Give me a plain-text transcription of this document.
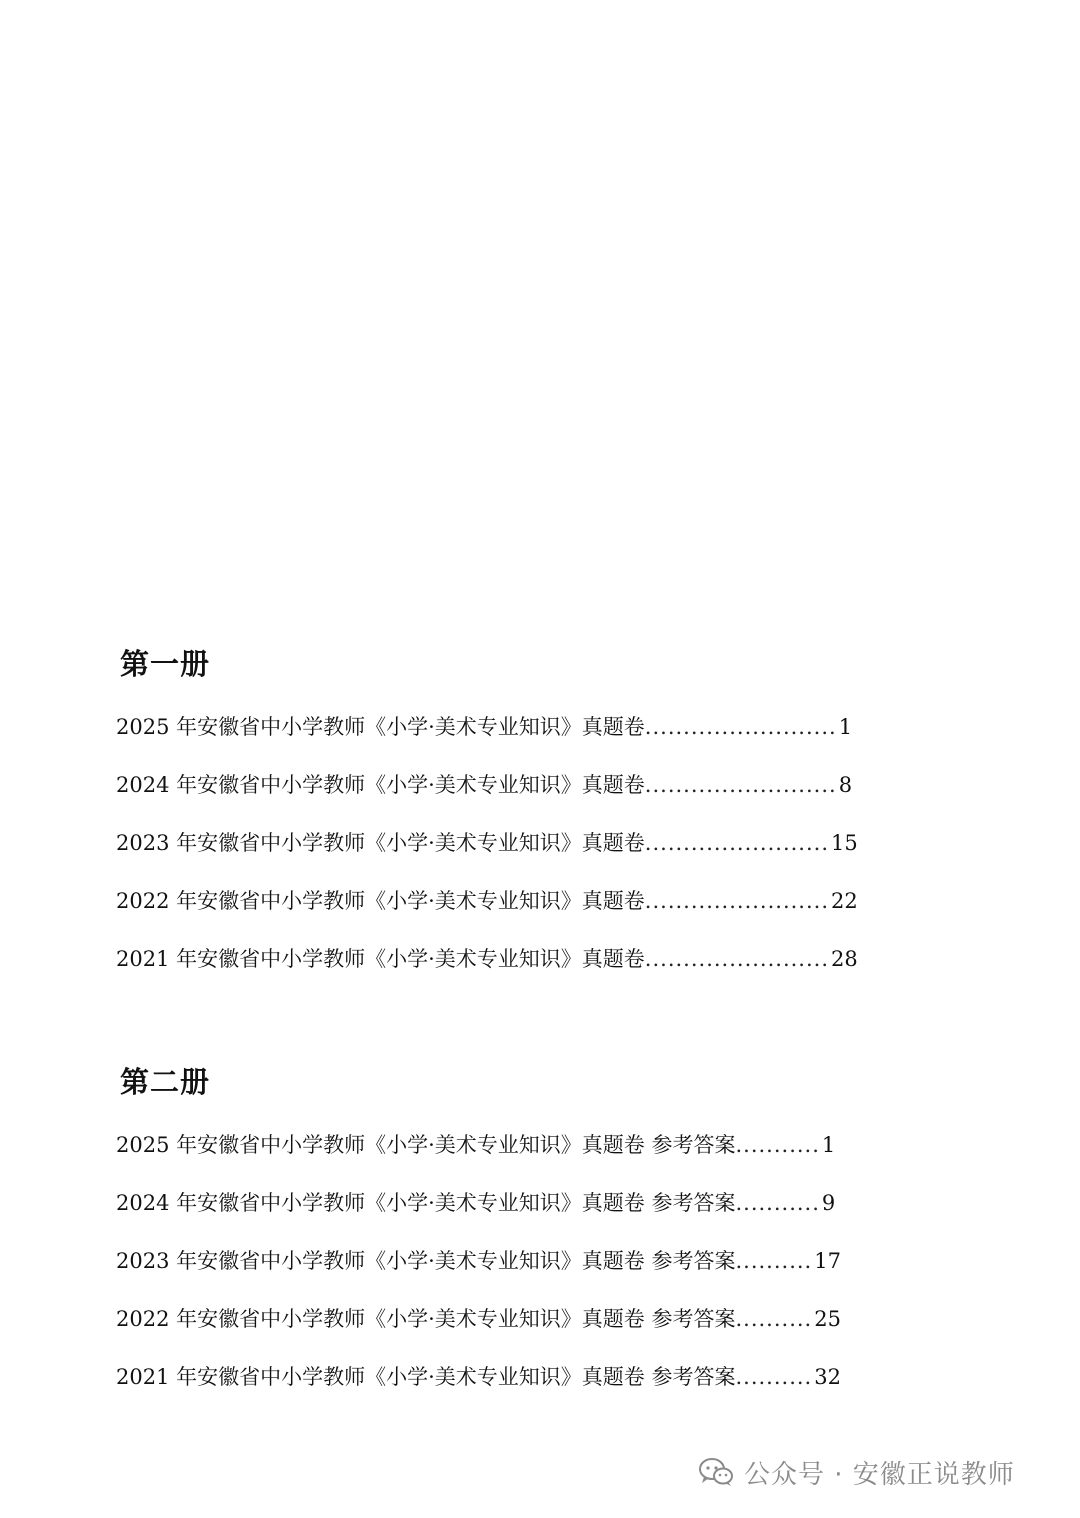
第一册
2025 年安徽省中小学教师《小学·美术专业知识》真题卷 ......................... 1
2024 年安徽省中小学教师《小学·美术专业知识》真题卷 ......................... 8
2023 年安徽省中小学教师《小学·美术专业知识》真题卷 ........................ 15
2022 年安徽省中小学教师《小学·美术专业知识》真题卷 ........................ 22
2021 年安徽省中小学教师《小学·美术专业知识》真题卷 ........................ 28
第二册
2025 年安徽省中小学教师《小学·美术专业知识》真题卷 参考答案 ........... 1
2024 年安徽省中小学教师《小学·美术专业知识》真题卷 参考答案 ........... 9
2023 年安徽省中小学教师《小学·美术专业知识》真题卷 参考答案 .......... 17
2022 年安徽省中小学教师《小学·美术专业知识》真题卷 参考答案 .......... 25
2021 年安徽省中小学教师《小学·美术专业知识》真题卷 参考答案 .......... 32
公众号 · 安徽正说教师
